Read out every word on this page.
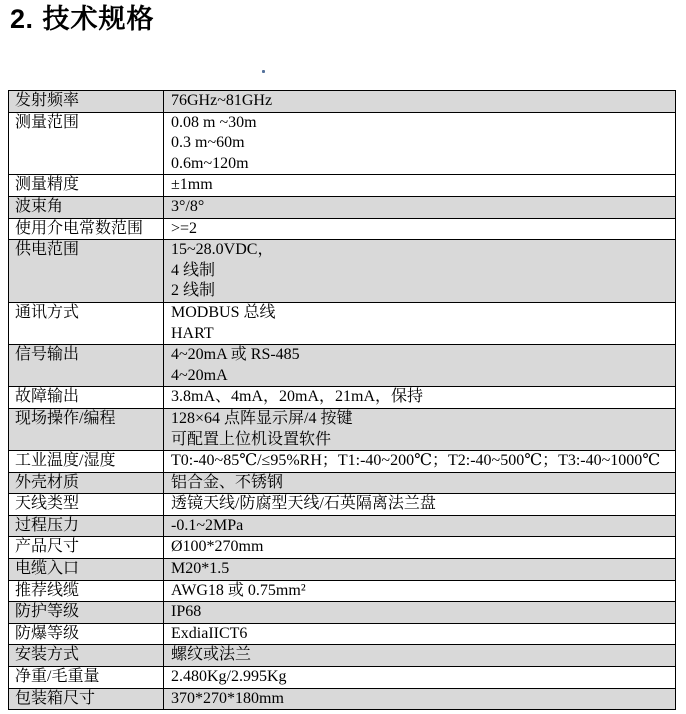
2. 技术规格
发射频率	76GHz~81GHz

测量范围	0.08 m ~30m
0.3 m~60m
0.6m~120m

测量精度	±1mm

波束角	3°/8°

使用介电常数范围	>=2

供电范围	15~28.0VDC，
4 线制
2 线制

通讯方式	MODBUS 总线
HART

信号输出	4~20mA 或 RS-485
4~20mA

故障输出	3.8mA、4mA，20mA，21mA，保持

现场操作/编程	128×64 点阵显示屏/4 按键
可配置上位机设置软件

工业温度/湿度	T0:-40~85℃/≤95%RH；T1:-40~200℃；T2:-40~500℃；T3:-40~1000℃

外壳材质	铝合金、不锈钢

天线类型	透镜天线/防腐型天线/石英隔离法兰盘

过程压力	-0.1~2MPa

产品尺寸	Ø100*270mm

电缆入口	M20*1.5

推荐线缆	AWG18 或 0.75mm²

防护等级	IP68

防爆等级	ExdiaIICT6

安装方式	螺纹或法兰

净重/毛重量	2.480Kg/2.995Kg

包装箱尺寸	370*270*180mm
